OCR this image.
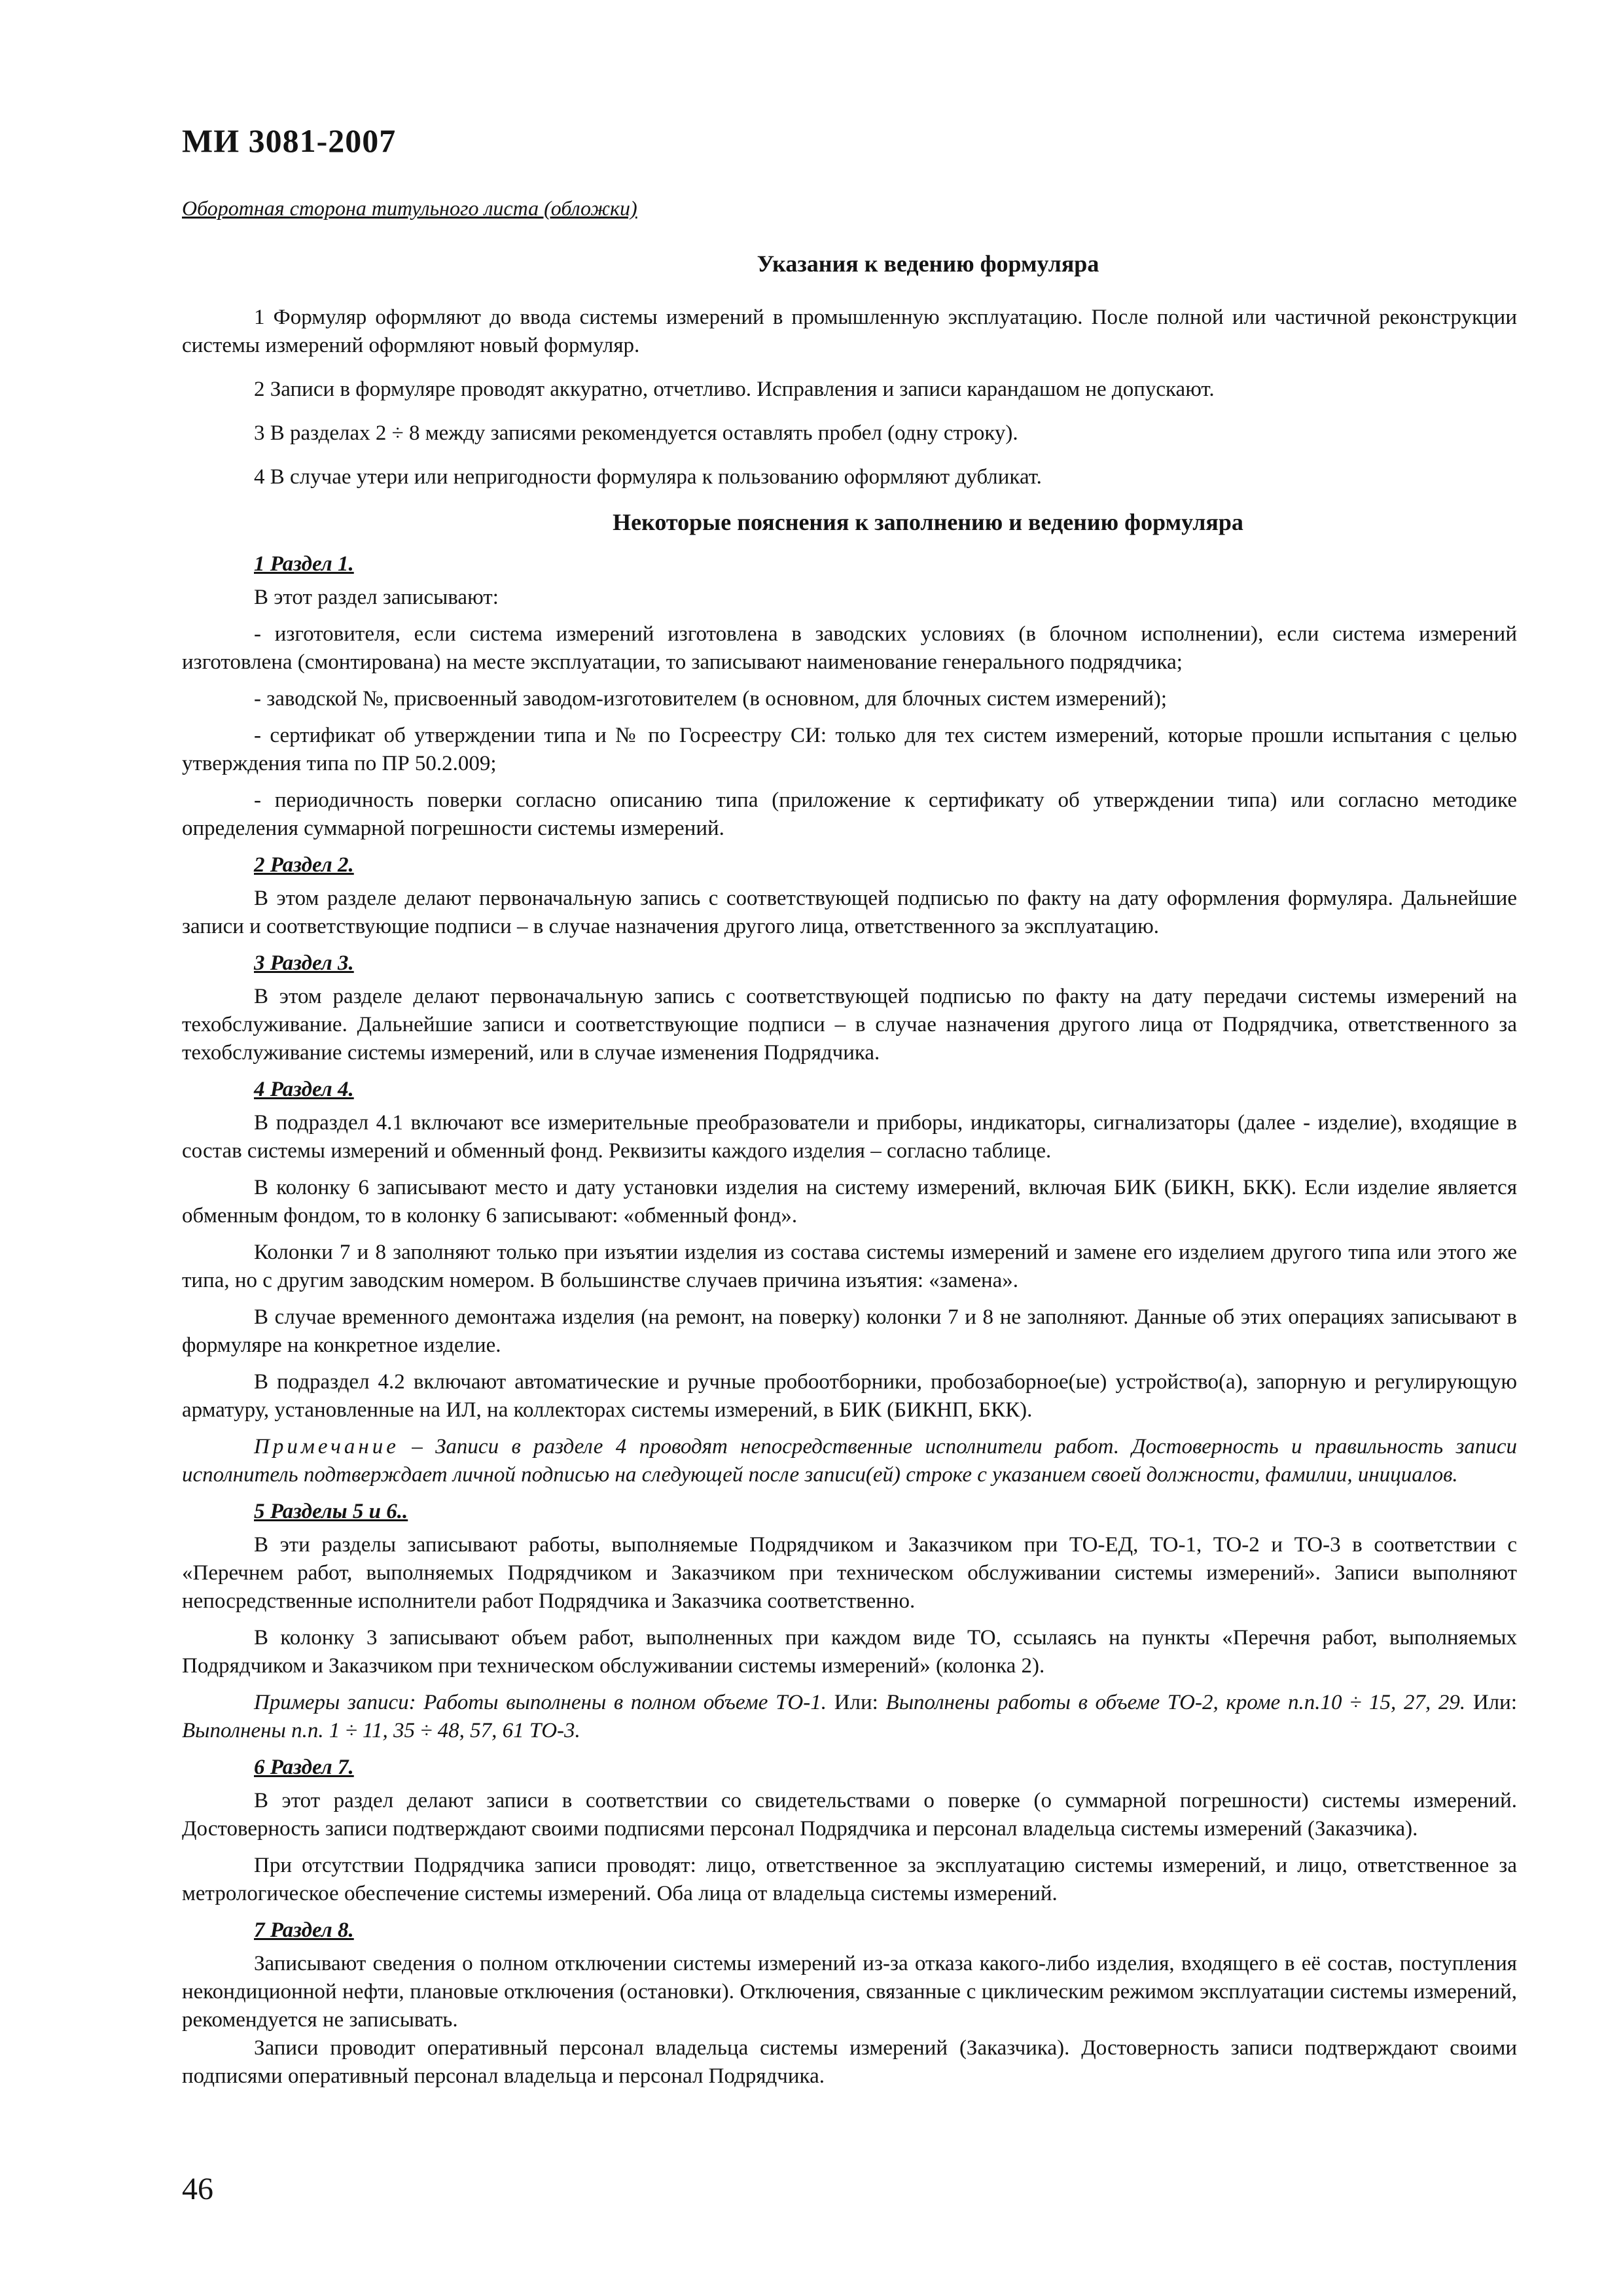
МИ 3081-2007
Оборотная сторона титульного листа (обложки)
Указания к ведению формуляра

1 Формуляр оформляют до ввода системы измерений в промышленную эксплуатацию. После полной или частичной реконструкции системы измерений оформляют новый формуляр.

2 Записи в формуляре проводят аккуратно, отчетливо. Исправления и записи карандашом не допускают.

3 В разделах 2 ÷ 8 между записями рекомендуется оставлять пробел (одну строку).

4 В случае утери или непригодности формуляра к пользованию оформляют дубликат.

Некоторые пояснения к заполнению и ведению формуляра
1 Раздел 1.

В этот раздел записывают:

- изготовителя, если система измерений изготовлена в заводских условиях (в блочном исполнении), если система измерений изготовлена (смонтирована) на месте эксплуатации, то записывают наименование генерального подрядчика;

- заводской №, присвоенный заводом-изготовителем (в основном, для блочных систем измерений);

- сертификат об утверждении типа и № по Госреестру СИ: только для тех систем измерений, которые прошли испытания с целью утверждения типа по ПР 50.2.009;

- периодичность поверки согласно описанию типа (приложение к сертификату об утверждении типа) или согласно методике определения суммарной погрешности системы измерений.

2 Раздел 2.

В этом разделе делают первоначальную запись с соответствующей подписью по факту на дату оформления формуляра. Дальнейшие записи и соответствующие подписи – в случае назначения другого лица, ответственного за эксплуатацию.

3 Раздел 3.

В этом разделе делают первоначальную запись с соответствующей подписью по факту на дату передачи системы измерений на техобслуживание. Дальнейшие записи и соответствующие подписи – в случае назначения другого лица от Подрядчика, ответственного за техобслуживание системы измерений, или в случае изменения Подрядчика.

4 Раздел 4.

В подраздел 4.1 включают все измерительные преобразователи и приборы, индикаторы, сигнализаторы (далее - изделие), входящие в состав системы измерений и обменный фонд. Реквизиты каждого изделия – согласно таблице.

В колонку 6 записывают место и дату установки изделия на систему измерений, включая БИК (БИКН, БКК). Если изделие является обменным фондом, то в колонку 6 записывают: «обменный фонд».

Колонки 7 и 8 заполняют только при изъятии изделия из состава системы измерений и замене его изделием другого типа или этого же типа, но с другим заводским номером. В большинстве случаев причина изъятия: «замена».

В случае временного демонтажа изделия (на ремонт, на поверку) колонки 7 и 8 не заполняют. Данные об этих операциях записывают в формуляре на конкретное изделие.

В подраздел 4.2 включают автоматические и ручные пробоотборники, пробозаборное(ые) устройство(а), запорную и регулирующую арматуру, установленные на ИЛ, на коллекторах системы измерений, в БИК (БИКНП, БКК).

Примечание – Записи в разделе 4 проводят непосредственные исполнители работ. Достоверность и правильность записи исполнитель подтверждает личной подписью на следующей после записи(ей) строке с указанием своей должности, фамилии, инициалов.

5 Разделы 5 и 6..

В эти разделы записывают работы, выполняемые Подрядчиком и Заказчиком при ТО-ЕД, ТО-1, ТО-2 и ТО-3 в соответствии с «Перечнем работ, выполняемых Подрядчиком и Заказчиком при техническом обслуживании системы измерений». Записи выполняют непосредственные исполнители работ Подрядчика и Заказчика соответственно.

В колонку 3 записывают объем работ, выполненных при каждом виде ТО, ссылаясь на пункты «Перечня работ, выполняемых Подрядчиком и Заказчиком при техническом обслуживании системы измерений» (колонка 2).

Примеры записи: Работы выполнены в полном объеме ТО-1. Или: Выполнены работы в объеме ТО-2, кроме п.п.10 ÷ 15, 27, 29. Или: Выполнены п.п. 1 ÷ 11, 35 ÷ 48, 57, 61 ТО-3.

6 Раздел 7.

В этот раздел делают записи в соответствии со свидетельствами о поверке (о суммарной погрешности) системы измерений. Достоверность записи подтверждают своими подписями персонал Подрядчика и персонал владельца системы измерений (Заказчика).

При отсутствии Подрядчика записи проводят: лицо, ответственное за эксплуатацию системы измерений, и лицо, ответственное за метрологическое обеспечение системы измерений. Оба лица от владельца системы измерений.

7 Раздел 8.

Записывают сведения о полном отключении системы измерений из-за отказа какого-либо изделия, входящего в её состав, поступления некондиционной нефти, плановые отключения (остановки). Отключения, связанные с циклическим режимом эксплуатации системы измерений, рекомендуется не записывать.

Записи проводит оперативный персонал владельца системы измерений (Заказчика). Достоверность записи подтверждают своими подписями оперативный персонал владельца и персонал Подрядчика.

46
